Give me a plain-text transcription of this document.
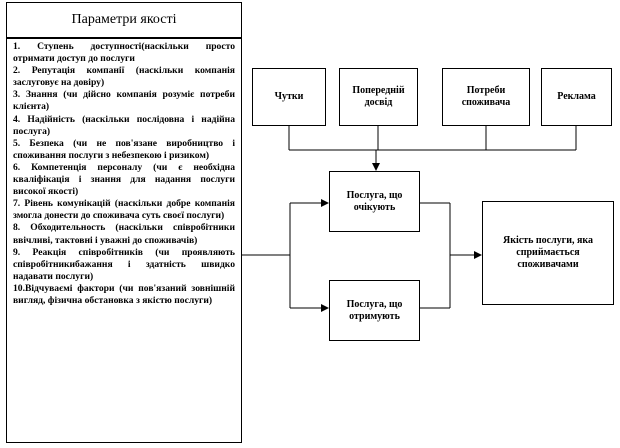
Параметри якості

1. Ступень доступності(наскільки просто отримати доступ до послуги

2. Репутація компанії (наскільки компанія заслуговує на довіру)

3. Знання (чи дійсно компанія розуміє потреби клієнта)

4. Надійність (наскільки послідовна і надійна послуга)

5. Безпека (чи не пов'язане виробництво і споживання послуги з небезпекою і ризиком)

6. Компетенція персоналу (чи є необхідна кваліфікація і знання для надання послуги високої якості)

7. Рівень комунікацій (наскільки добре компанія змогла донести до споживача суть своєї послуги)

8. Обходительность (наскільки співробітники ввічливі, тактовні і уважні до споживачів)

9. Реакція співробітників (чи проявляють співробітникибажання і здатність швидко надавати послуги)

10.Відчуваємі фактори (чи пов'язаний зовнішній вигляд, фізична обстановка з якістю послуги)

Чутки
Попередній досвід
Потреби споживача
Реклама
Послуга, що очікують
Послуга, що отримують
Якість послуги, яка сприймається споживачами
